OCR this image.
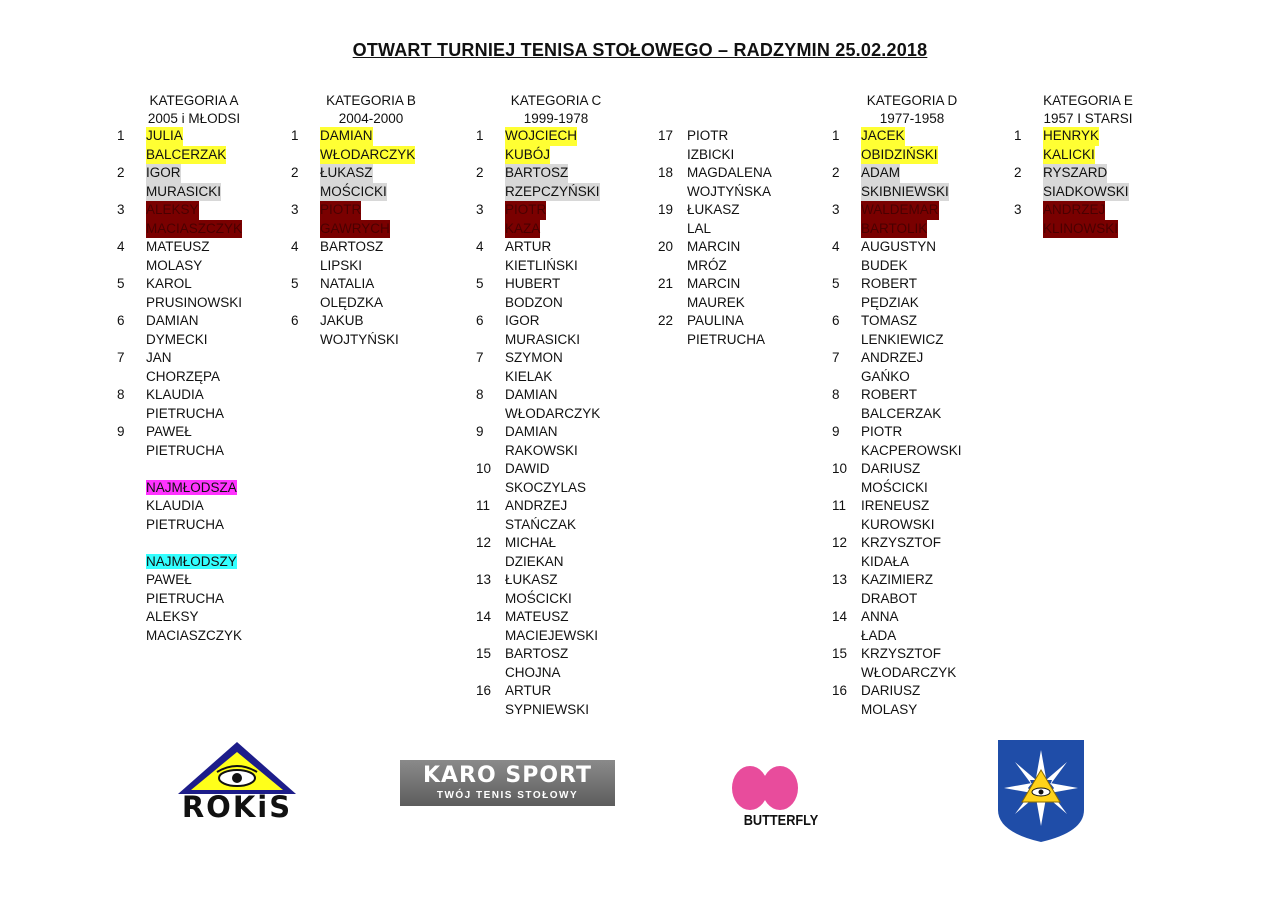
OTWART TURNIEJ TENISA STOŁOWEGO – RADZYMIN 25.02.2018
KATEGORIA A
2005 i MŁODSI
KATEGORIA B
2004-2000
KATEGORIA C
1999-1978
KATEGORIA D
1977-1958
KATEGORIA E
1957 I STARSI
1	JULIA
BALCERZAK
2	IGOR
MURASICKI
3	ALEKSY
MACIASZCZYK
4	MATEUSZ
MOLASY
5	KAROL
PRUSINOWSKI
6	DAMIAN
DYMECKI
7	JAN
CHORZĘPA
8	KLAUDIA
PIETRUCHA
9	PAWEŁ
PIETRUCHA
NAJMŁODSZA
KLAUDIA
PIETRUCHA
NAJMŁODSZY
PAWEŁ
PIETRUCHA
ALEKSY
MACIASZCZYK
1	DAMIAN
WŁODARCZYK
2	ŁUKASZ
MOŚCICKI
3	PIOTR
GAWRYCH
4	BARTOSZ
LIPSKI
5	NATALIA
OLĘDZKA
6	JAKUB
WOJTYŃSKI
1	WOJCIECH
KUBÓJ
2	BARTOSZ
RZEPCZYŃSKI
3	PIOTR
KAZA
4	ARTUR
KIETLIŃSKI
5	HUBERT
BODZON
6	IGOR
MURASICKI
7	SZYMON
KIELAK
8	DAMIAN
WŁODARCZYK
9	DAMIAN
RAKOWSKI
10	DAWID
SKOCZYLAS
11	ANDRZEJ
STAŃCZAK
12	MICHAŁ
DZIEKAN
13	ŁUKASZ
MOŚCICKI
14	MATEUSZ
MACIEJEWSKI
15	BARTOSZ
CHOJNA
16	ARTUR
SYPNIEWSKI
17	PIOTR
IZBICKI
18	MAGDALENA
WOJTYŃSKA
19	ŁUKASZ
LAL
20	MARCIN
MRÓZ
21	MARCIN
MAUREK
22	PAULINA
PIETRUCHA
1	JACEK
OBIDZIŃSKI
2	ADAM
SKIBNIEWSKI
3	WALDEMAR
BARTOLIK
4	AUGUSTYN
BUDEK
5	ROBERT
PĘDZIAK
6	TOMASZ
LENKIEWICZ
7	ANDRZEJ
GAŃKO
8	ROBERT
BALCERZAK
9	PIOTR
KACPEROWSKI
10	DARIUSZ
MOŚCICKI
11	IRENEUSZ
KUROWSKI
12	KRZYSZTOF
KIDAŁA
13	KAZIMIERZ
DRABOT
14	ANNA
ŁADA
15	KRZYSZTOF
WŁODARCZYK
16	DARIUSZ
MOLASY
1	HENRYK
KALICKI
2	RYSZARD
SIADKOWSKI
3	ANDRZEJ
KLINOWSKI
ROKiS
KARO SPORT
TWÓJ TENIS STOŁOWY
BUTTERFLY
